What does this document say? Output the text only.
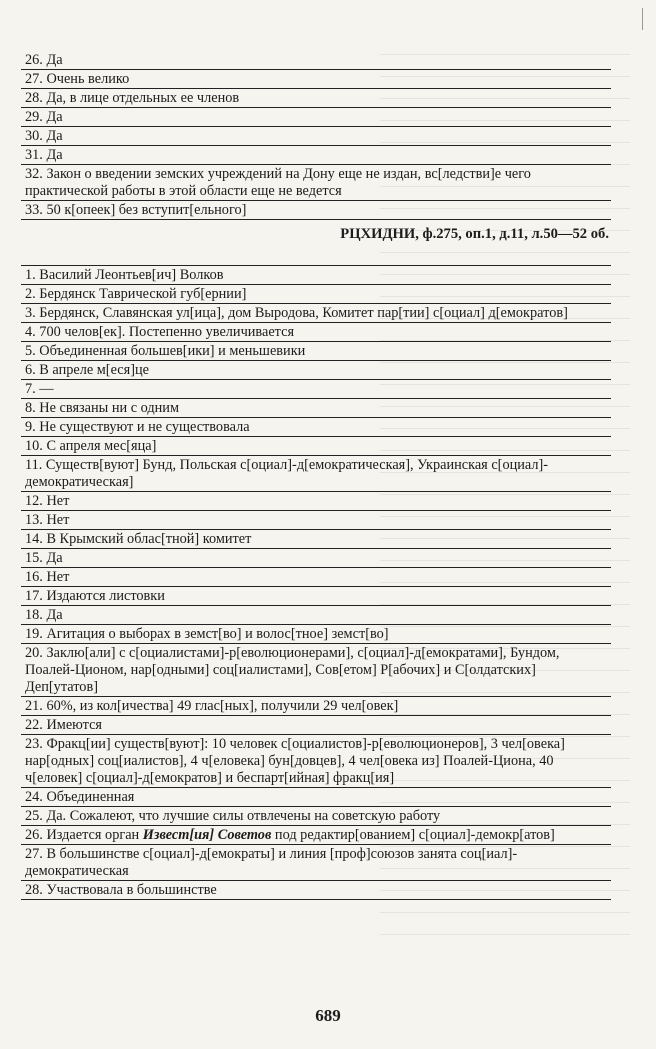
26. Да
27. Очень велико
28. Да, в лице отдельных ее членов
29. Да
30. Да
31. Да
32. Закон о введении земских учреждений на Дону еще не издан, вс[ледстви]е чего практической работы в этой области еще не ведется
33. 50 к[опеек] без вступит[ельного]
РЦХИДНИ, ф.275, оп.1, д.11, л.50—52 об.
1. Василий Леонтьев[ич] Волков
2. Бердянск Таврической губ[ернии]
3. Бердянск, Славянская ул[ица], дом Выродова, Комитет пар[тии] с[оциал] д[емократов]
4. 700 челов[ек]. Постепенно увеличивается
5. Объединенная большев[ики] и меньшевики
6. В апреле м[еся]це
7. —
8. Не связаны ни с одним
9. Не существуют и не существовала
10. С апреля мес[яца]
11. Существ[вуют] Бунд, Польская с[оциал]-д[емократическая], Украинская с[оциал]-демократическая]
12. Нет
13. Нет
14. В Крымский облас[тной] комитет
15. Да
16. Нет
17. Издаются листовки
18. Да
19. Агитация о выборах в земст[во] и волос[тное] земст[во]
20. Заклю[али] с с[оциалистами]-р[еволюционерами], с[оциал]-д[емократами], Бундом, Поалей-Ционом, нар[одными] соц[иалистами], Сов[етом] Р[абочих] и С[олдатских] Деп[утатов]
21. 60%, из кол[ичества] 49 глас[ных], получили 29 чел[овек]
22. Имеются
23. Фракц[ии] существ[вуют]: 10 человек с[оциалистов]-р[еволюционеров], 3 чел[овека] нар[одных] соц[иалистов], 4 ч[еловека] бун[довцев], 4 чел[овека из] Поалей-Циона, 40 ч[еловек] с[оциал]-д[емократов] и беспарт[ийная] фракц[ия]
24. Объединенная
25. Да. Сожалеют, что лучшие силы отвлечены на советскую работу
26. Издается орган Извест[ия] Советов под редактир[ованием] с[оциал]-демокр[атов]
27. В большинстве с[оциал]-д[емократы] и линия [проф]союзов занята соц[иал]-демократическая
28. Участвовала в большинстве
689
